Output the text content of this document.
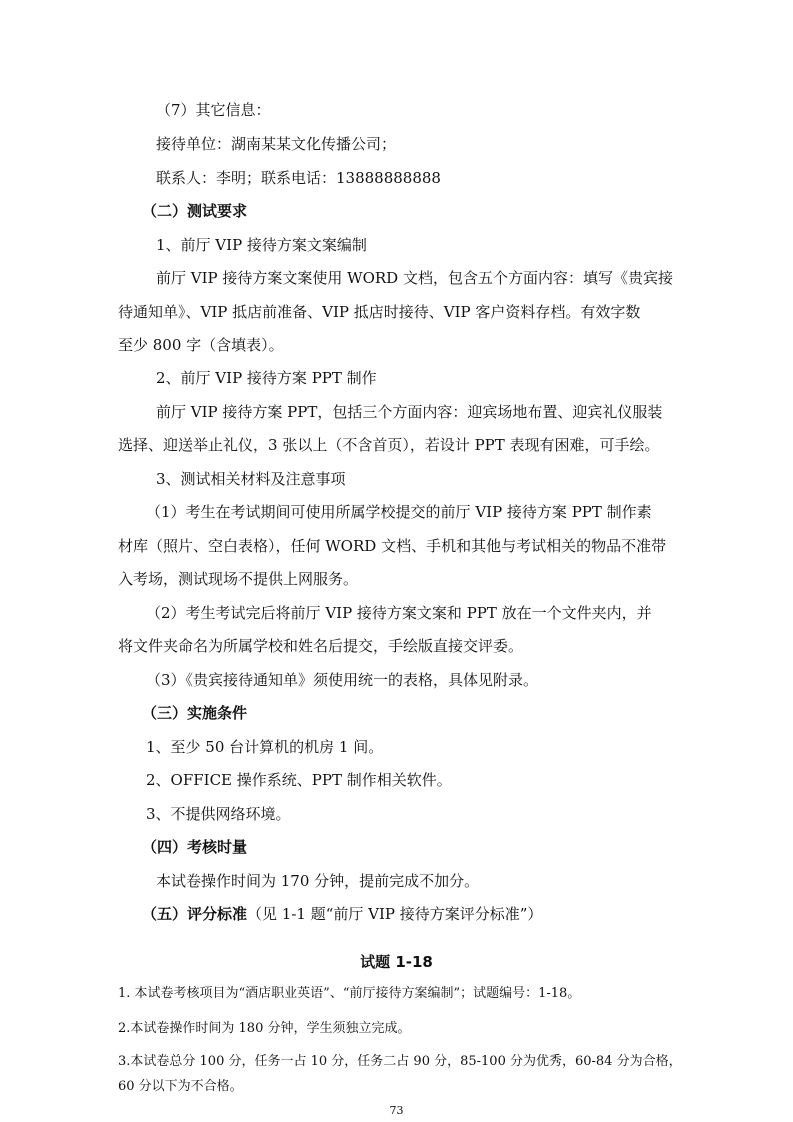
（7）其它信息：
接待单位：湖南某某文化传播公司；
联系人：李明；联系电话：13888888888
（二）测试要求
1、前厅 VIP 接待方案文案编制
前厅 VIP 接待方案文案使用 WORD 文档，包含五个方面内容：填写《贵宾接
待通知单》、VIP 抵店前准备、VIP 抵店时接待、VIP 客户资料存档。有效字数
至少 800 字（含填表）。
2、前厅 VIP 接待方案 PPT 制作
前厅 VIP 接待方案 PPT，包括三个方面内容：迎宾场地布置、迎宾礼仪服装
选择、迎送举止礼仪，3 张以上（不含首页），若设计 PPT 表现有困难，可手绘。
3、测试相关材料及注意事项
（1）考生在考试期间可使用所属学校提交的前厅 VIP 接待方案 PPT 制作素
材库（照片、空白表格），任何 WORD 文档、手机和其他与考试相关的物品不准带
入考场，测试现场不提供上网服务。
（2）考生考试完后将前厅 VIP 接待方案文案和 PPT 放在一个文件夹内，并
将文件夹命名为所属学校和姓名后提交，手绘版直接交评委。
（3）《贵宾接待通知单》须使用统一的表格，具体见附录。
（三）实施条件
1、至少 50 台计算机的机房 1 间。
2、OFFICE 操作系统、PPT 制作相关软件。
3、不提供网络环境。
（四）考核时量
本试卷操作时间为 170 分钟，提前完成不加分。
（五）评分标准（见 1-1 题“前厅 VIP 接待方案评分标准”）
试题 1-18
1. 本试卷考核项目为“酒店职业英语”、“前厅接待方案编制”；试题编号：1-18。
2.本试卷操作时间为 180 分钟，学生须独立完成。
3.本试卷总分 100 分，任务一占 10 分，任务二占 90 分，85-100 分为优秀，60-84 分为合格，
60 分以下为不合格。
73
